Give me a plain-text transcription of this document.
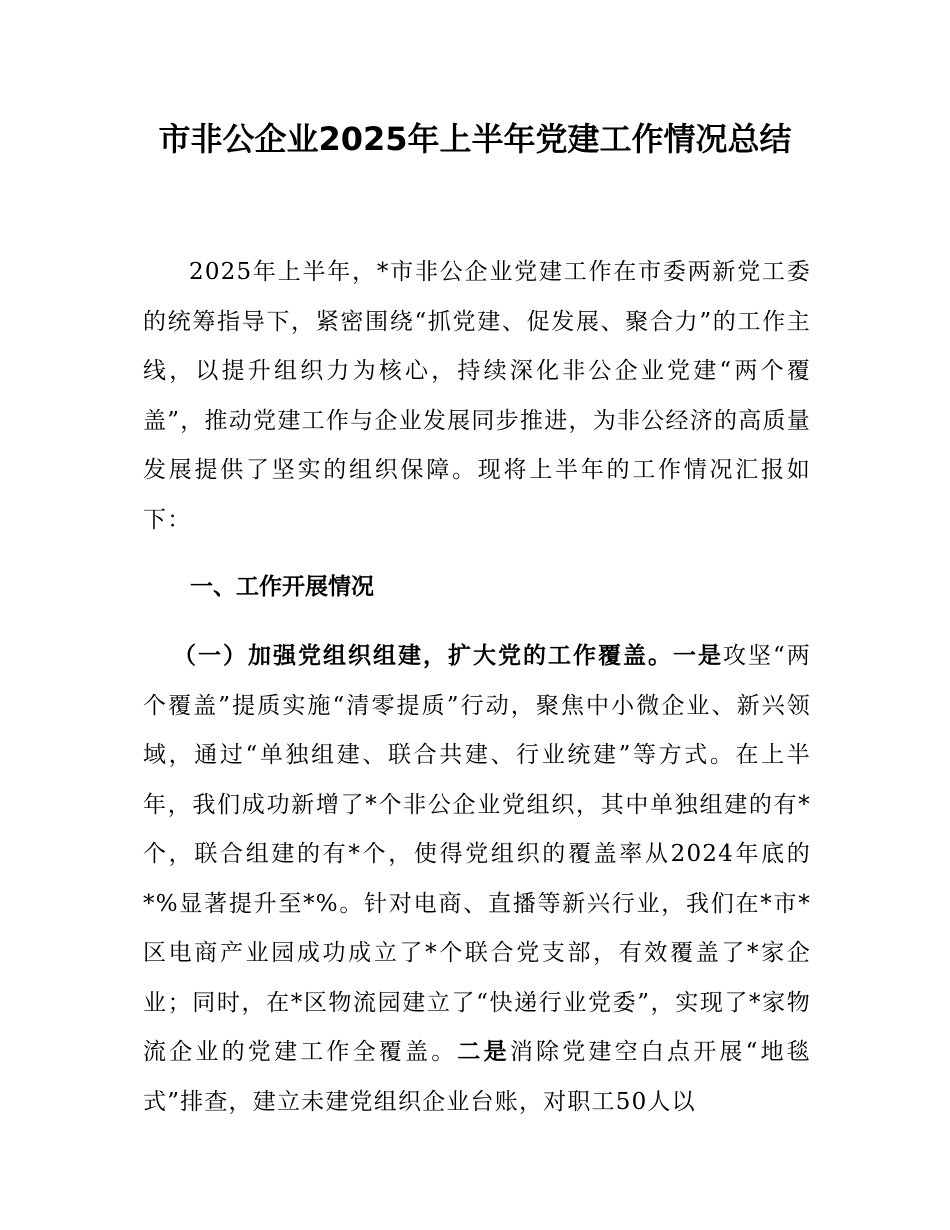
市非公企业2025年上半年党建工作情况总结

2025年上半年，*市非公企业党建工作在市委两新党工委的统筹指导下，紧密围绕“抓党建、促发展、聚合力”的工作主线，以提升组织力为核心，持续深化非公企业党建“两个覆盖”，推动党建工作与企业发展同步推进，为非公经济的高质量发展提供了坚实的组织保障。现将上半年的工作情况汇报如下：

一、工作开展情况

（一）加强党组织组建，扩大党的工作覆盖。一是攻坚“两个覆盖”提质实施“清零提质”行动，聚焦中小微企业、新兴领域，通过“单独组建、联合共建、行业统建”等方式。在上半年，我们成功新增了*个非公企业党组织，其中单独组建的有*个，联合组建的有*个，使得党组织的覆盖率从2024年底的*%显著提升至*%。针对电商、直播等新兴行业，我们在*市*区电商产业园成功成立了*个联合党支部，有效覆盖了*家企业；同时，在*区物流园建立了“快递行业党委”，实现了*家物流企业的党建工作全覆盖。二是消除党建空白点开展“地毯式”排查，建立未建党组织企业台账，对职工50人以
